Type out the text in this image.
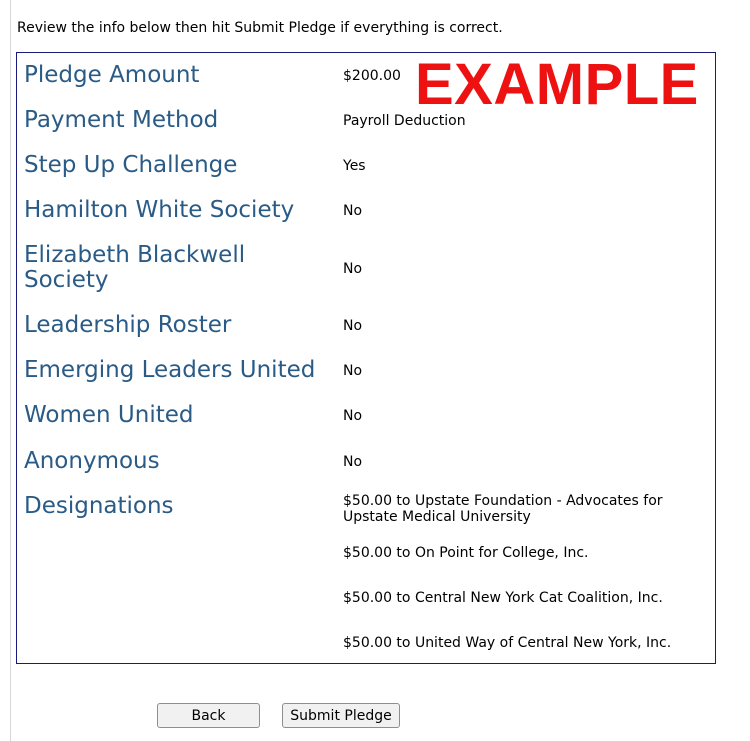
Review the info below then hit Submit Pledge if everything is correct.
EXAMPLE
Pledge Amount	$200.00
Payment Method	Payroll Deduction
Step Up Challenge	Yes
Hamilton White Society	No
Elizabeth Blackwell Society	No
Leadership Roster	No
Emerging Leaders United	No
Women United	No
Anonymous	No
Designations	$50.00 to Upstate Foundation - Advocates for Upstate Medical University
$50.00 to On Point for College, Inc.
$50.00 to Central New York Cat Coalition, Inc.
$50.00 to United Way of Central New York, Inc.
Back	Submit Pledge
